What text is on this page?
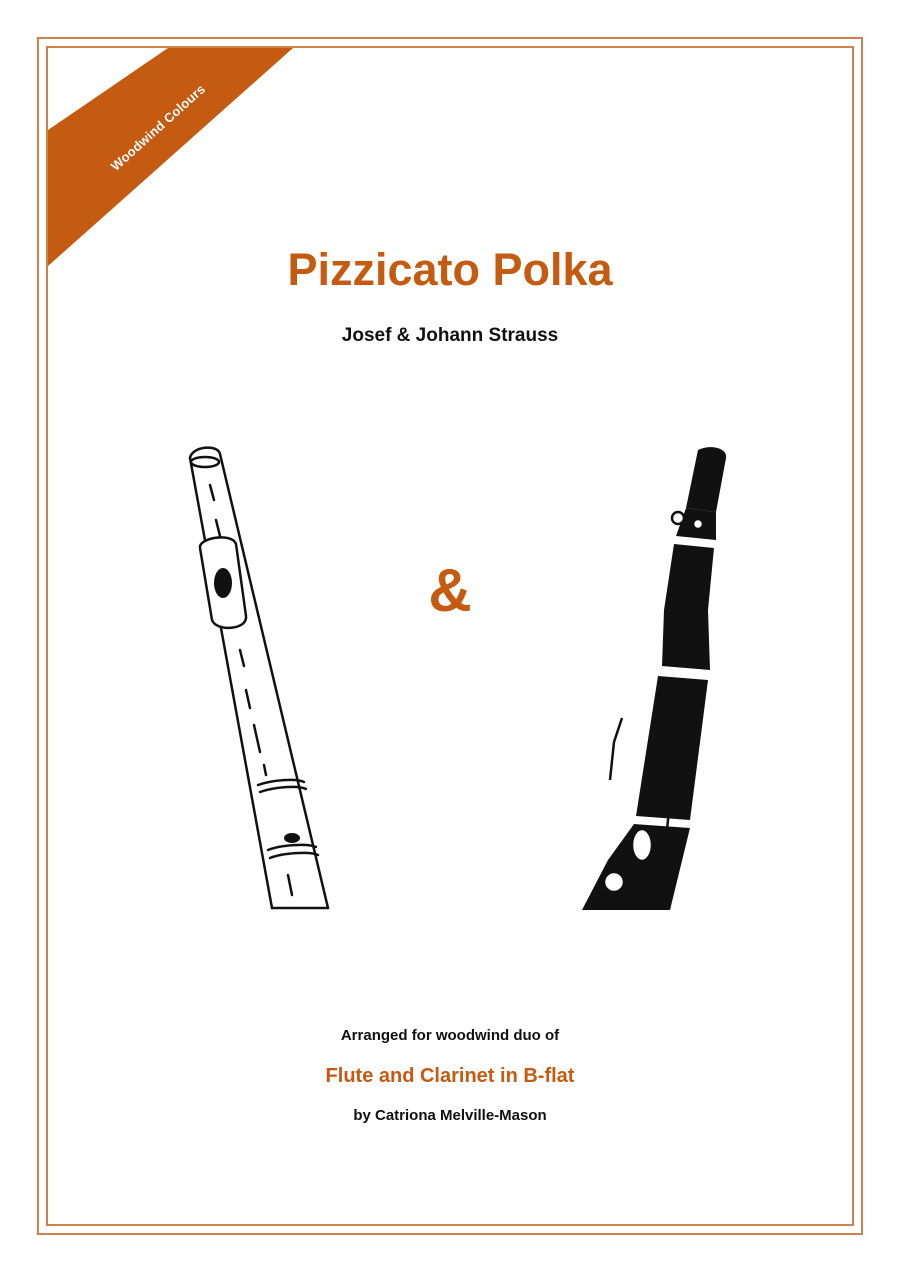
Woodwind Colours
Pizzicato Polka
Josef & Johann Strauss
&
Arranged for woodwind duo of
Flute and Clarinet in B-flat
by Catriona Melville-Mason
